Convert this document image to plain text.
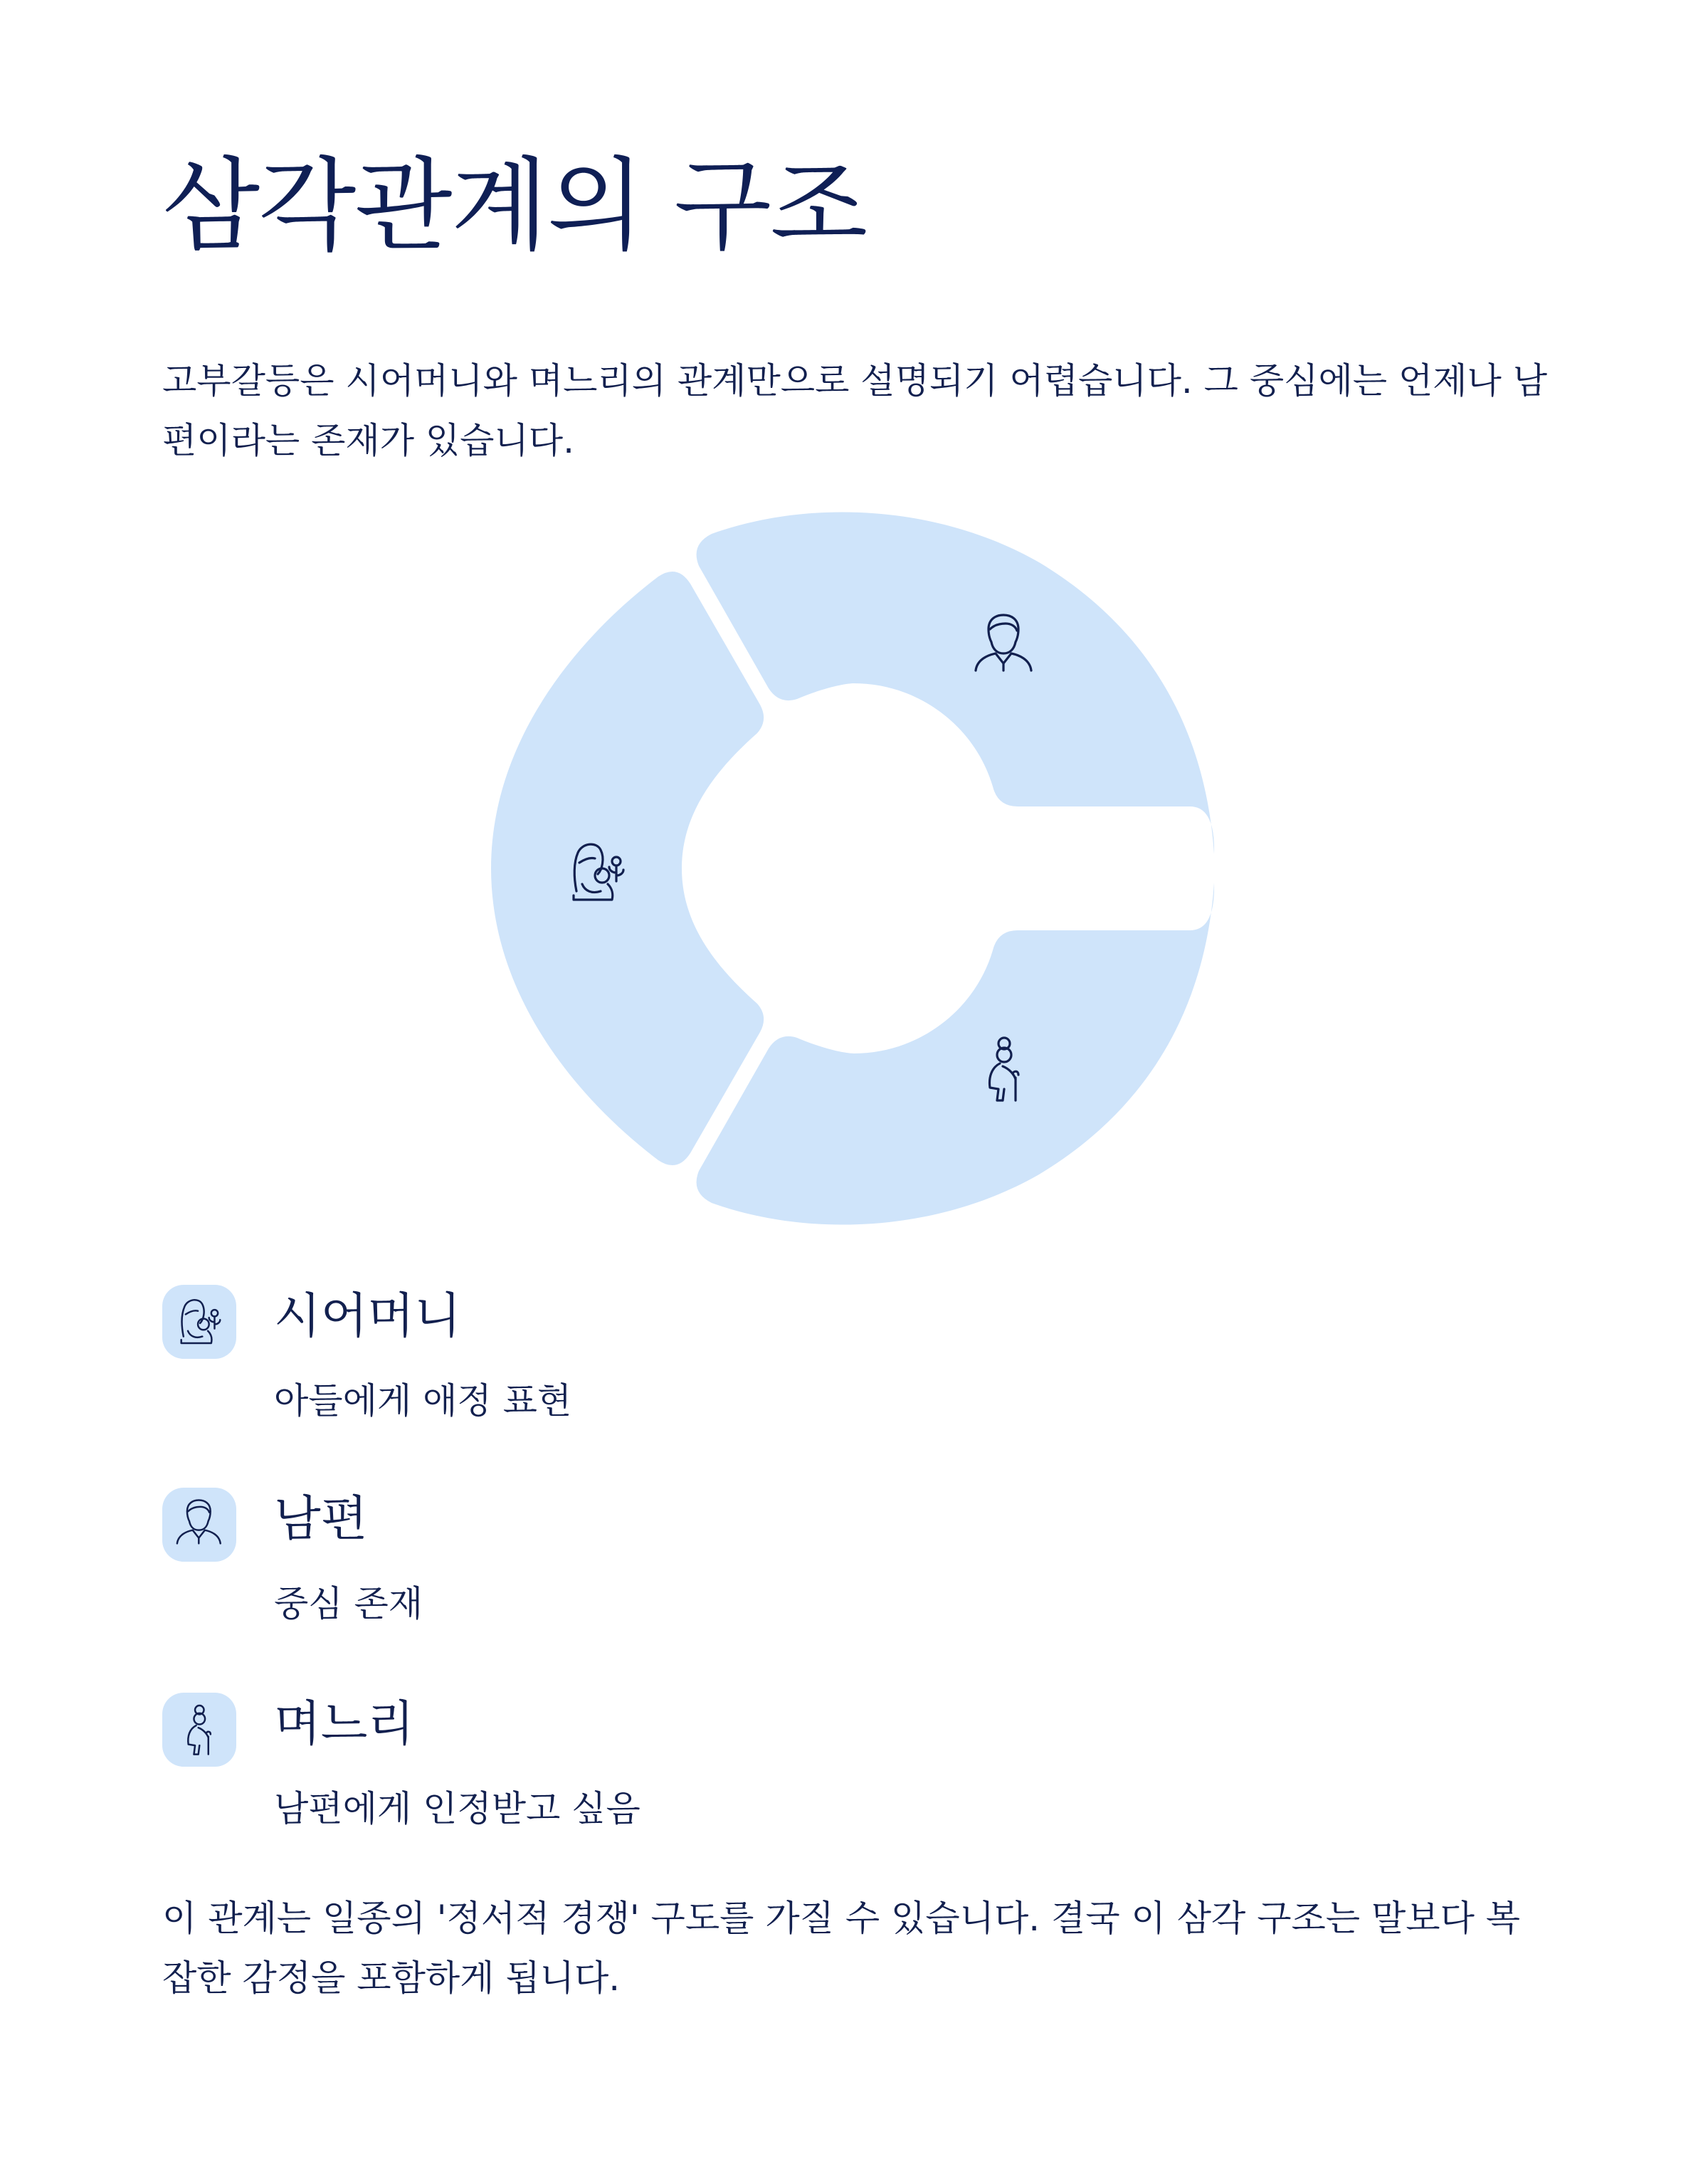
삼각관계의 구조

고부갈등은 시어머니와 며느리의 관계만으로 설명되기 어렵습니다. 그 중심에는 언제나 남편이라는 존재가 있습니다.

시어머니
아들에게 애정 표현
남편
중심 존재
며느리
남편에게 인정받고 싶음

이 관계는 일종의 '정서적 경쟁' 구도를 가질 수 있습니다. 결국 이 삼각 구조는 말보다 복잡한 감정을 포함하게 됩니다.
